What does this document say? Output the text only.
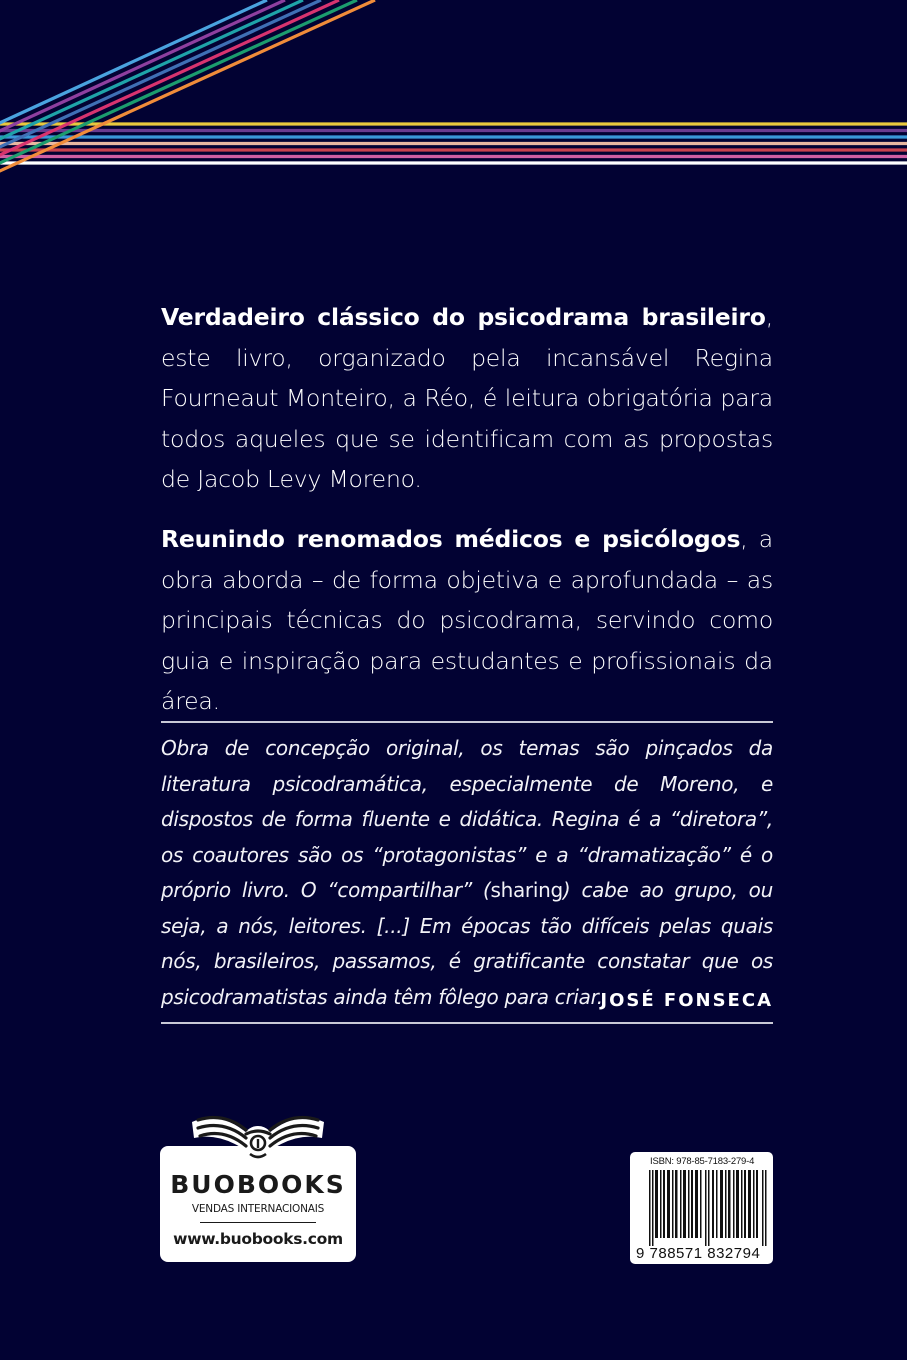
Verdadeiro clássico do psicodrama brasileiro, este livro, organizado pela incansável Regina Fourneaut Monteiro, a Réo, é leitura obrigatória para todos aqueles que se identificam com as propostas de Jacob Levy Moreno.
Reunindo renomados médicos e psicólogos, a obra aborda – de forma objetiva e aprofundada – as principais técnicas do psicodrama, servindo como guia e inspiração para estudantes e profissionais da área.
Obra de concepção original, os temas são pinçados da literatura psicodramática, especialmente de Moreno, e dispostos de forma fluente e didática. Regina é a “diretora”, os coautores são os “protagonistas” e a “dramatização” é o próprio livro. O “compartilhar” (sharing) cabe ao grupo, ou seja, a nós, leitores. [...] Em épocas tão difíceis pelas quais nós, brasileiros, passamos, é gratificante constatar que os psicodramatistas ainda têm fôlego para criar.
JOSÉ FONSECA
BUOBOOKS
VENDAS INTERNACIONAIS
www.buobooks.com
ISBN: 978-85-7183-279-4
9 788571 832794
